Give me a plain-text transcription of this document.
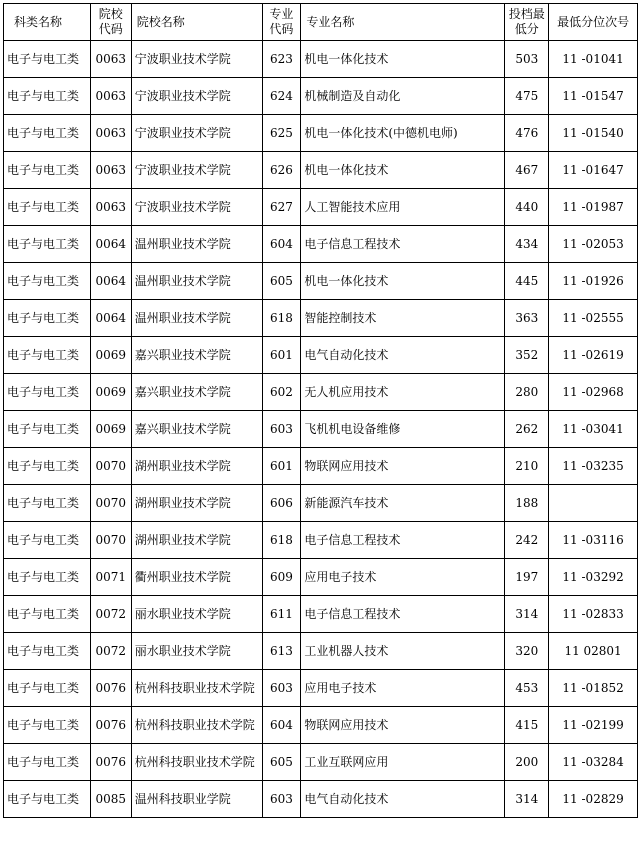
科类名称	院校代码	院校名称	专业代码	专业名称	投档最低分	最低分位次号
电子与电工类	0063	宁波职业技术学院	623	机电一体化技术	503	11 -01041
电子与电工类	0063	宁波职业技术学院	624	机械制造及自动化	475	11 -01547
电子与电工类	0063	宁波职业技术学院	625	机电一体化技术(中德机电师)	476	11 -01540
电子与电工类	0063	宁波职业技术学院	626	机电一体化技术	467	11 -01647
电子与电工类	0063	宁波职业技术学院	627	人工智能技术应用	440	11 -01987
电子与电工类	0064	温州职业技术学院	604	电子信息工程技术	434	11 -02053
电子与电工类	0064	温州职业技术学院	605	机电一体化技术	445	11 -01926
电子与电工类	0064	温州职业技术学院	618	智能控制技术	363	11 -02555
电子与电工类	0069	嘉兴职业技术学院	601	电气自动化技术	352	11 -02619
电子与电工类	0069	嘉兴职业技术学院	602	无人机应用技术	280	11 -02968
电子与电工类	0069	嘉兴职业技术学院	603	飞机机电设备维修	262	11 -03041
电子与电工类	0070	湖州职业技术学院	601	物联网应用技术	210	11 -03235
电子与电工类	0070	湖州职业技术学院	606	新能源汽车技术	188	
电子与电工类	0070	湖州职业技术学院	618	电子信息工程技术	242	11 -03116
电子与电工类	0071	衢州职业技术学院	609	应用电子技术	197	11 -03292
电子与电工类	0072	丽水职业技术学院	611	电子信息工程技术	314	11 -02833
电子与电工类	0072	丽水职业技术学院	613	工业机器人技术	320	11 02801
电子与电工类	0076	杭州科技职业技术学院	603	应用电子技术	453	11 -01852
电子与电工类	0076	杭州科技职业技术学院	604	物联网应用技术	415	11 -02199
电子与电工类	0076	杭州科技职业技术学院	605	工业互联网应用	200	11 -03284
电子与电工类	0085	温州科技职业学院	603	电气自动化技术	314	11 -02829
